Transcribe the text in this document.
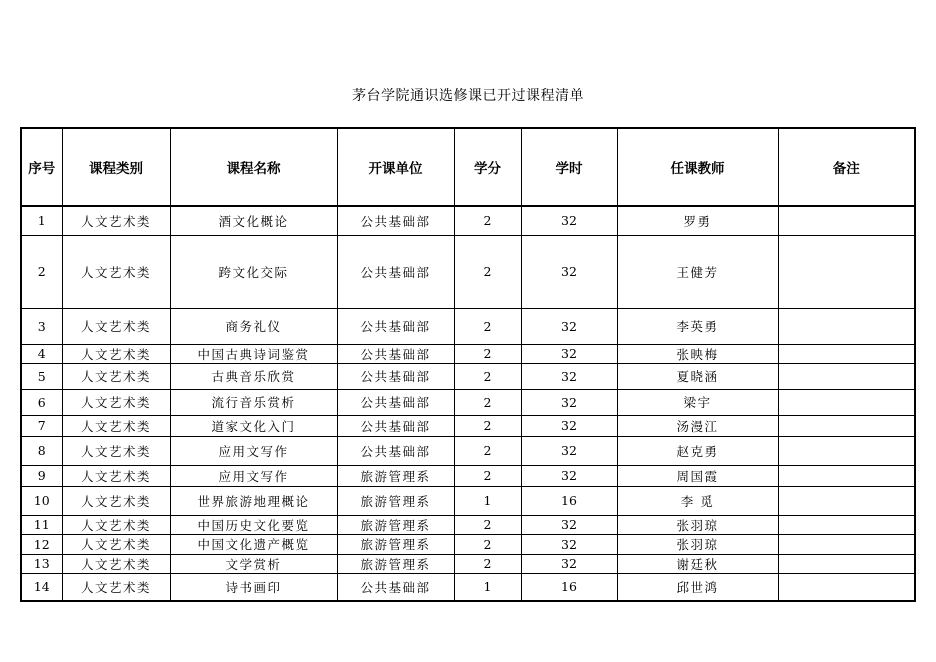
茅台学院通识选修课已开过课程清单
序号	课程类别	课程名称	开课单位	学分	学时	任课教师	备注
1	人文艺术类	酒文化概论	公共基础部	2	32	罗勇	
2	人文艺术类	跨文化交际	公共基础部	2	32	王健芳	
3	人文艺术类	商务礼仪	公共基础部	2	32	李英勇	
4	人文艺术类	中国古典诗词鉴赏	公共基础部	2	32	张映梅	
5	人文艺术类	古典音乐欣赏	公共基础部	2	32	夏晓涵	
6	人文艺术类	流行音乐赏析	公共基础部	2	32	梁宇	
7	人文艺术类	道家文化入门	公共基础部	2	32	汤漫江	
8	人文艺术类	应用文写作	公共基础部	2	32	赵克勇	
9	人文艺术类	应用文写作	旅游管理系	2	32	周国霞	
10	人文艺术类	世界旅游地理概论	旅游管理系	1	16	李 觅	
11	人文艺术类	中国历史文化要览	旅游管理系	2	32	张羽琼	
12	人文艺术类	中国文化遗产概览	旅游管理系	2	32	张羽琼	
13	人文艺术类	文学赏析	旅游管理系	2	32	谢廷秋	
14	人文艺术类	诗书画印	公共基础部	1	16	邱世鸿	
